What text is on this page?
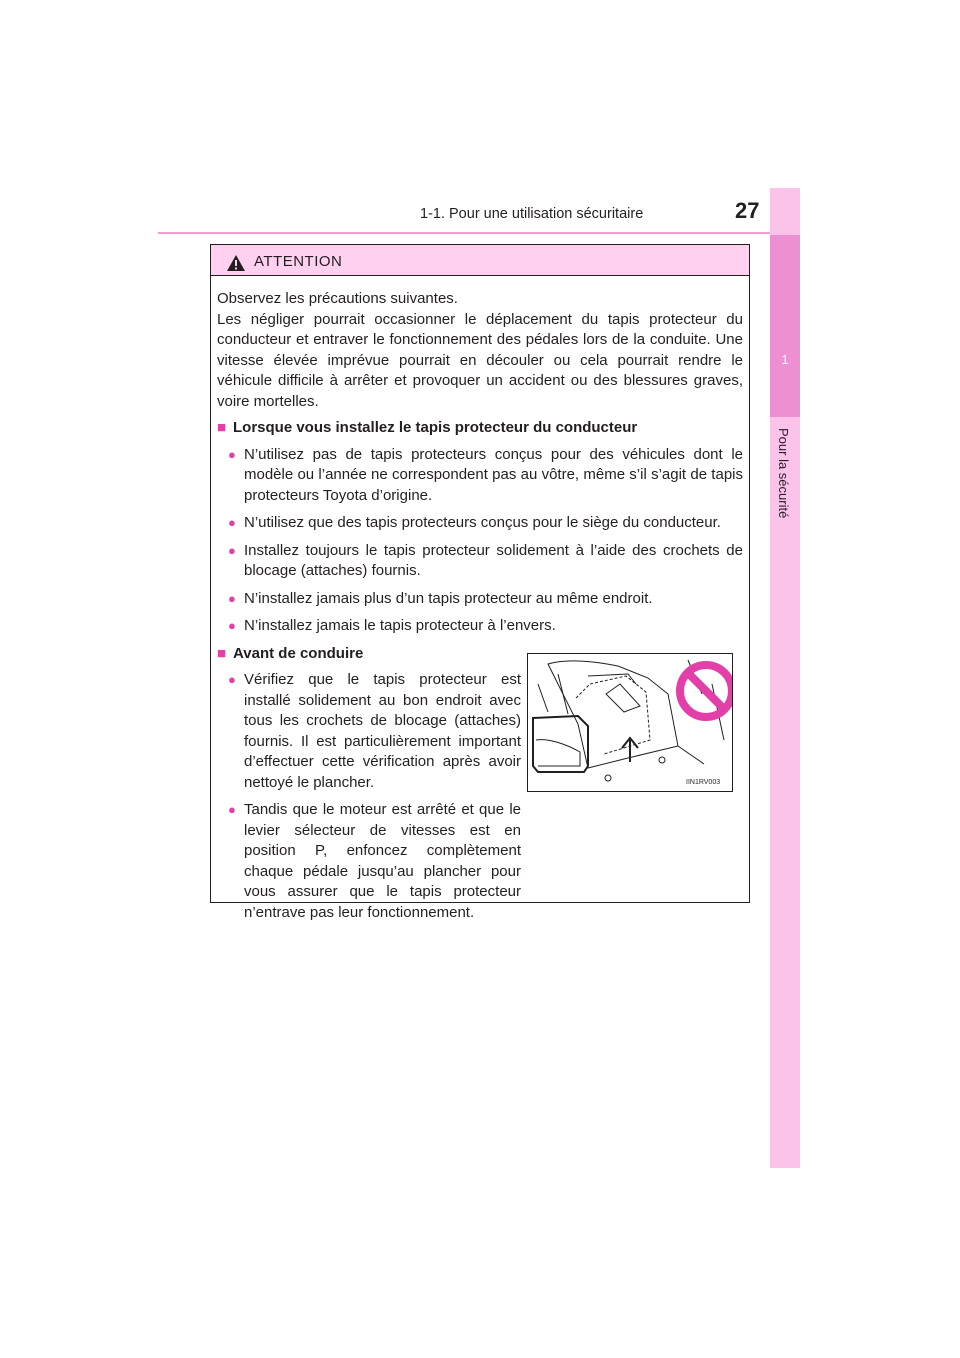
1
Pour la sécurité
1-1. Pour une utilisation sécuritaire	27
ATTENTION

Observez les précautions suivantes.

Les négliger pourrait occasionner le déplacement du tapis protecteur du conducteur et entraver le fonctionnement des pédales lors de la conduite. Une vitesse élevée imprévue pourrait en découler ou cela pourrait rendre le véhicule difficile à arrêter et provoquer un accident ou des blessures graves, voire mortelles.

■ Lorsque vous installez le tapis protecteur du conducteur
● N’utilisez pas de tapis protecteurs conçus pour des véhicules dont le modèle ou l’année ne correspondent pas au vôtre, même s’il s’agit de tapis protecteurs Toyota d’origine.
● N’utilisez que des tapis protecteurs conçus pour le siège du conducteur.
● Installez toujours le tapis protecteur solidement à l’aide des crochets de blocage (attaches) fournis.
● N’installez jamais plus d’un tapis protecteur au même endroit.
● N’installez jamais le tapis protecteur à l’envers.
■ Avant de conduire
● Vérifiez que le tapis protecteur est installé solidement au bon endroit avec tous les crochets de blocage (attaches) fournis. Il est particulièrement important d’effectuer cette vérification après avoir nettoyé le plancher.
● Tandis que le moteur est arrêté et que le levier sélecteur de vitesses est en position P, enfoncez complètement chaque pédale jusqu’au plancher pour vous assurer que le tapis protecteur n’entrave pas leur fonctionnement.
IIN1RV003
